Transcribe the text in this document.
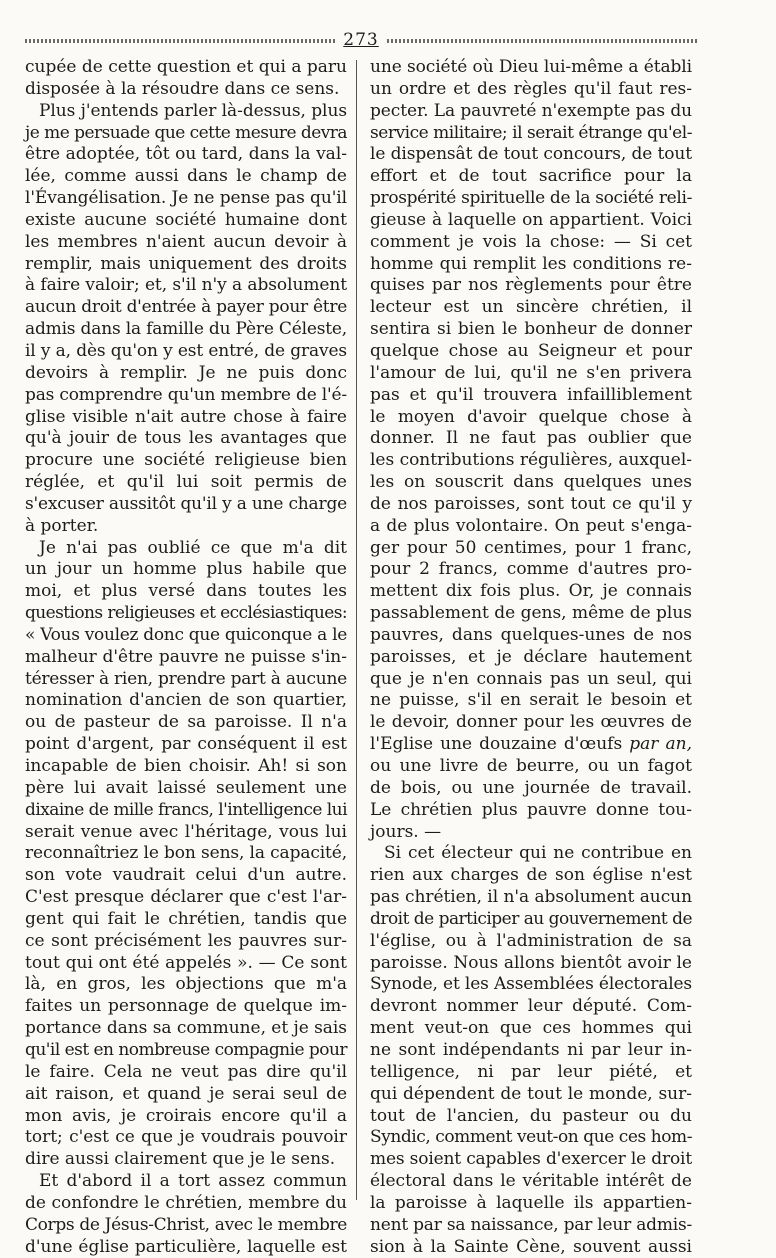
273
cupée de cette question et qui a paru
disposée à la résoudre dans ce sens.
Plus j'entends parler là-dessus, plus
je me persuade que cette mesure devra
être adoptée, tôt ou tard, dans la val-
lée, comme aussi dans le champ de
l'Évangélisation. Je ne pense pas qu'il
existe aucune société humaine dont
les membres n'aient aucun devoir à
remplir, mais uniquement des droits
à faire valoir; et, s'il n'y a absolument
aucun droit d'entrée à payer pour être
admis dans la famille du Père Céleste,
il y a, dès qu'on y est entré, de graves
devoirs à remplir. Je ne puis donc
pas comprendre qu'un membre de l'é-
glise visible n'ait autre chose à faire
qu'à jouir de tous les avantages que
procure une société religieuse bien
réglée, et qu'il lui soit permis de
s'excuser aussitôt qu'il y a une charge
à porter.
Je n'ai pas oublié ce que m'a dit
un jour un homme plus habile que
moi, et plus versé dans toutes les
questions religieuses et ecclésiastiques:
« Vous voulez donc que quiconque a le
malheur d'être pauvre ne puisse s'in-
téresser à rien, prendre part à aucune
nomination d'ancien de son quartier,
ou de pasteur de sa paroisse. Il n'a
point d'argent, par conséquent il est
incapable de bien choisir. Ah! si son
père lui avait laissé seulement une
dixaine de mille francs, l'intelligence lui
serait venue avec l'héritage, vous lui
reconnaîtriez le bon sens, la capacité,
son vote vaudrait celui d'un autre.
C'est presque déclarer que c'est l'ar-
gent qui fait le chrétien, tandis que
ce sont précisément les pauvres sur-
tout qui ont été appelés ». — Ce sont
là, en gros, les objections que m'a
faites un personnage de quelque im-
portance dans sa commune, et je sais
qu'il est en nombreuse compagnie pour
le faire. Cela ne veut pas dire qu'il
ait raison, et quand je serai seul de
mon avis, je croirais encore qu'il a
tort; c'est ce que je voudrais pouvoir
dire aussi clairement que je le sens.
Et d'abord il a tort assez commun
de confondre le chrétien, membre du
Corps de Jésus-Christ, avec le membre
d'une église particulière, laquelle est
une société où Dieu lui-même a établi
un ordre et des règles qu'il faut res-
pecter. La pauvreté n'exempte pas du
service militaire; il serait étrange qu'el-
le dispensât de tout concours, de tout
effort et de tout sacrifice pour la
prospérité spirituelle de la société reli-
gieuse à laquelle on appartient. Voici
comment je vois la chose: — Si cet
homme qui remplit les conditions re-
quises par nos règlements pour être
lecteur est un sincère chrétien, il
sentira si bien le bonheur de donner
quelque chose au Seigneur et pour
l'amour de lui, qu'il ne s'en privera
pas et qu'il trouvera infailliblement
le moyen d'avoir quelque chose à
donner. Il ne faut pas oublier que
les contributions régulières, auxquel-
les on souscrit dans quelques unes
de nos paroisses, sont tout ce qu'il y
a de plus volontaire. On peut s'enga-
ger pour 50 centimes, pour 1 franc,
pour 2 francs, comme d'autres pro-
mettent dix fois plus. Or, je connais
passablement de gens, même de plus
pauvres, dans quelques-unes de nos
paroisses, et je déclare hautement
que je n'en connais pas un seul, qui
ne puisse, s'il en serait le besoin et
le devoir, donner pour les œuvres de
l'Eglise une douzaine d'œufs par an,
ou une livre de beurre, ou un fagot
de bois, ou une journée de travail.
Le chrétien plus pauvre donne tou-
jours. —
Si cet électeur qui ne contribue en
rien aux charges de son église n'est
pas chrétien, il n'a absolument aucun
droit de participer au gouvernement de
l'église, ou à l'administration de sa
paroisse. Nous allons bientôt avoir le
Synode, et les Assemblées électorales
devront nommer leur député. Com-
ment veut-on que ces hommes qui
ne sont indépendants ni par leur in-
telligence, ni par leur piété, et
qui dépendent de tout le monde, sur-
tout de l'ancien, du pasteur ou du
Syndic, comment veut-on que ces hom-
mes soient capables d'exercer le droit
électoral dans le véritable intérêt de
la paroisse à laquelle ils appartien-
nent par sa naissance, par leur admis-
sion à la Sainte Cène, souvent aussi
